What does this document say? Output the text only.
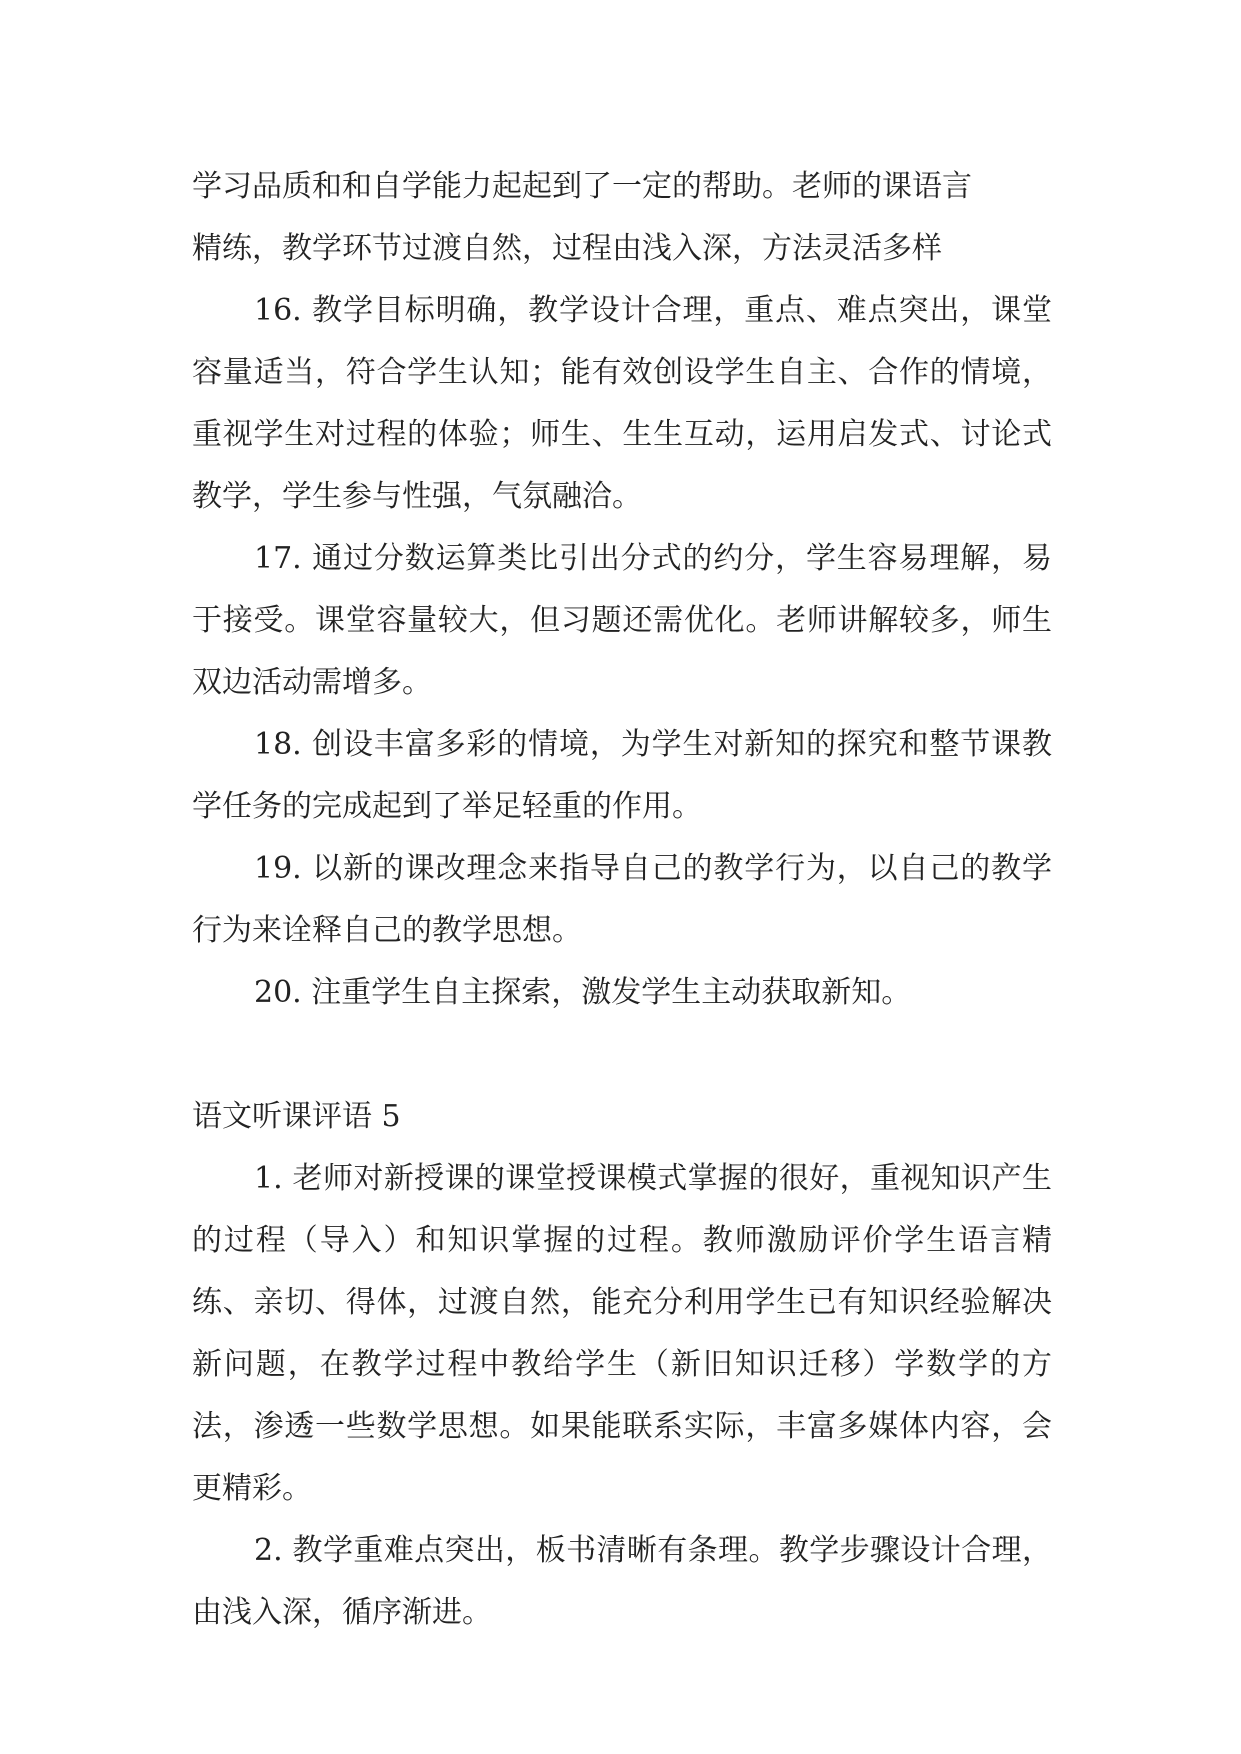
学习品质和和自学能力起起到了一定的帮助。老师的课语言

精练，教学环节过渡自然，过程由浅入深，方法灵活多样

16. 教学目标明确，教学设计合理，重点、难点突出，课堂容量适当，符合学生认知；能有效创设学生自主、合作的情境，重视学生对过程的体验；师生、生生互动，运用启发式、讨论式教学，学生参与性强，气氛融洽。

17. 通过分数运算类比引出分式的约分，学生容易理解，易于接受。课堂容量较大，但习题还需优化。老师讲解较多，师生双边活动需增多。

18. 创设丰富多彩的情境，为学生对新知的探究和整节课教学任务的完成起到了举足轻重的作用。

19. 以新的课改理念来指导自己的教学行为，以自己的教学行为来诠释自己的教学思想。

20. 注重学生自主探索，激发学生主动获取新知。

语文听课评语 5

1. 老师对新授课的课堂授课模式掌握的很好，重视知识产生的过程（导入）和知识掌握的过程。教师激励评价学生语言精练、亲切、得体，过渡自然，能充分利用学生已有知识经验解决新问题，在教学过程中教给学生（新旧知识迁移）学数学的方法，渗透一些数学思想。如果能联系实际，丰富多媒体内容，会更精彩。

2. 教学重难点突出，板书清晰有条理。教学步骤设计合理，由浅入深，循序渐进。
